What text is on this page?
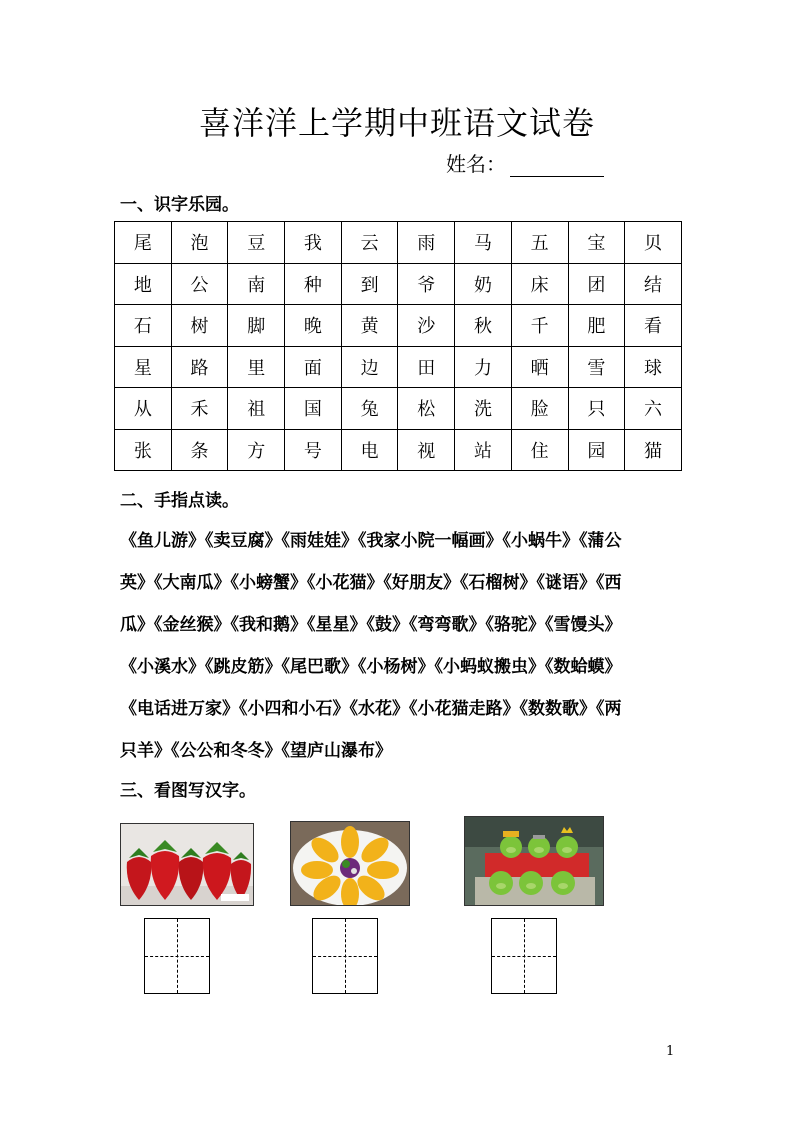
喜洋洋上学期中班语文试卷
姓名：
一、识字乐园。
尾	泡	豆	我	云	雨	马	五	宝	贝
地	公	南	种	到	爷	奶	床	团	结
石	树	脚	晚	黄	沙	秋	千	肥	看
星	路	里	面	边	田	力	晒	雪	球
从	禾	祖	国	兔	松	洗	脸	只	六
张	条	方	号	电	视	站	住	园	猫
二、手指点读。
《鱼儿游》《卖豆腐》《雨娃娃》《我家小院一幅画》《小蜗牛》《蒲公
英》《大南瓜》《小螃蟹》《小花猫》《好朋友》《石榴树》《谜语》《西
瓜》《金丝猴》《我和鹅》《星星》《鼓》《弯弯歌》《骆驼》《雪馒头》
《小溪水》《跳皮筋》《尾巴歌》《小杨树》《小蚂蚁搬虫》《数蛤蟆》
《电话进万家》《小四和小石》《水花》《小花猫走路》《数数歌》《两
只羊》《公公和冬冬》《望庐山瀑布》
三、看图写汉字。
1
